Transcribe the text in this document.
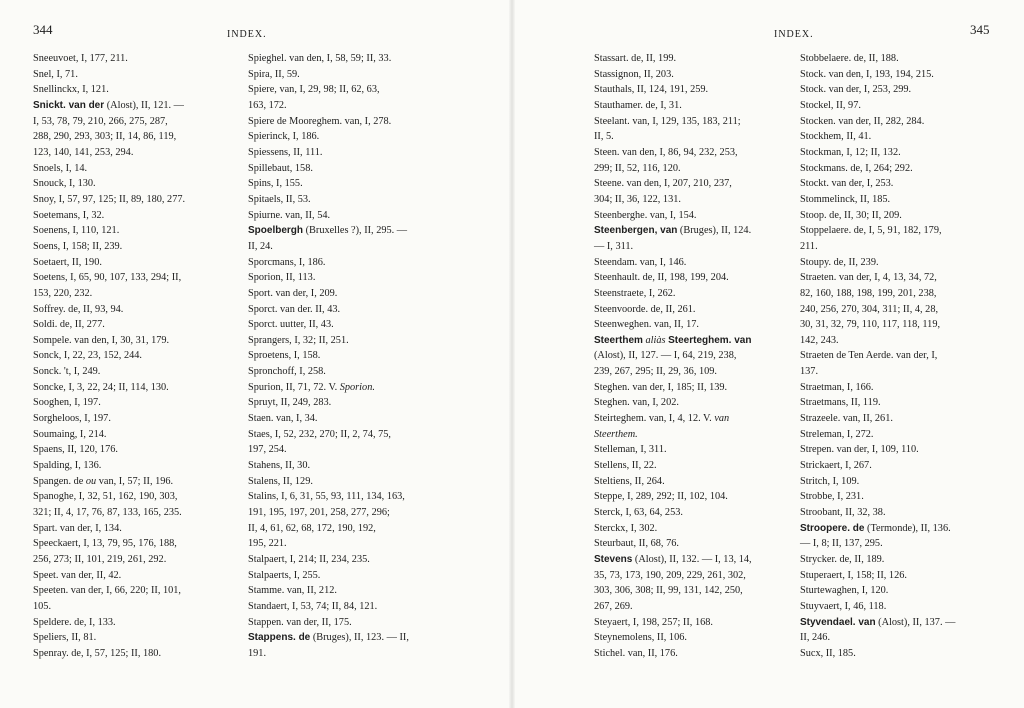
344	INDEX.
Sneeuvoet, I, 177, 211.
Snel, I, 71.
Snellinckx, I, 121.
Snickt. van der (Alost), II, 121. —
I, 53, 78, 79, 210, 266, 275, 287,
288, 290, 293, 303; II, 14, 86, 119,
123, 140, 141, 253, 294.
Snoels, I, 14.
Snouck, I, 130.
Snoy, I, 57, 97, 125; II, 89, 180, 277.
Soetemans, I, 32.
Soenens, I, 110, 121.
Soens, I, 158; II, 239.
Soetaert, II, 190.
Soetens, I, 65, 90, 107, 133, 294; II,
153, 220, 232.
Soffrey. de, II, 93, 94.
Soldi. de, II, 277.
Sompele. van den, I, 30, 31, 179.
Sonck, I, 22, 23, 152, 244.
Sonck. 't, I, 249.
Soncke, I, 3, 22, 24; II, 114, 130.
Sooghen, I, 197.
Sorgheloos, I, 197.
Soumaing, I, 214.
Spaens, II, 120, 176.
Spalding, I, 136.
Spangen. de ou van, I, 57; II, 196.
Spanoghe, I, 32, 51, 162, 190, 303,
321; II, 4, 17, 76, 87, 133, 165, 235.
Spart. van der, I, 134.
Speeckaert, I, 13, 79, 95, 176, 188,
256, 273; II, 101, 219, 261, 292.
Speet. van der, II, 42.
Speeten. van der, I, 66, 220; II, 101,
105.
Speldere. de, I, 133.
Speliers, II, 81.
Spenray. de, I, 57, 125; II, 180.
Spieghel. van den, I, 58, 59; II, 33.
Spira, II, 59.
Spiere, van, I, 29, 98; II, 62, 63,
163, 172.
Spiere de Mooreghem. van, I, 278.
Spierinck, I, 186.
Spiessens, II, 111.
Spillebaut, 158.
Spins, I, 155.
Spitaels, II, 53.
Spiurne. van, II, 54.
Spoelbergh (Bruxelles ?), II, 295. —
II, 24.
Sporcmans, I, 186.
Sporion, II, 113.
Sport. van der, I, 209.
Sporct. van der. II, 43.
Sporct. uutter, II, 43.
Sprangers, I, 32; II, 251.
Sproetens, I, 158.
Spronchoff, I, 258.
Spurion, II, 71, 72. V. Sporion.
Spruyt, II, 249, 283.
Staen. van, I, 34.
Staes, I, 52, 232, 270; II, 2, 74, 75,
197, 254.
Stahens, II, 30.
Stalens, II, 129.
Stalins, I, 6, 31, 55, 93, 111, 134, 163,
191, 195, 197, 201, 258, 277, 296;
II, 4, 61, 62, 68, 172, 190, 192,
195, 221.
Stalpaert, I, 214; II, 234, 235.
Stalpaerts, I, 255.
Stamme. van, II, 212.
Standaert, I, 53, 74; II, 84, 121.
Stappen. van der, II, 175.
Stappens. de (Bruges), II, 123. — II,
191.
345
INDEX.
Stassart. de, II, 199.
Stassignon, II, 203.
Stauthals, II, 124, 191, 259.
Stauthamer. de, I, 31.
Steelant. van, I, 129, 135, 183, 211;
II, 5.
Steen. van den, I, 86, 94, 232, 253,
299; II, 52, 116, 120.
Steene. van den, I, 207, 210, 237,
304; II, 36, 122, 131.
Steenberghe. van, I, 154.
Steenbergen, van (Bruges), II, 124.
— I, 311.
Steendam. van, I, 146.
Steenhault. de, II, 198, 199, 204.
Steenstraete, I, 262.
Steenvoorde. de, II, 261.
Steenweghen. van, II, 17.
Steerthem aliàs Steerteghem. van
(Alost), II, 127. — I, 64, 219, 238,
239, 267, 295; II, 29, 36, 109.
Steghen. van der, I, 185; II, 139.
Steghen. van, I, 202.
Steirteghem. van, I, 4, 12. V. van
Steerthem.
Stelleman, I, 311.
Stellens, II, 22.
Steltiens, II, 264.
Steppe, I, 289, 292; II, 102, 104.
Sterck, I, 63, 64, 253.
Sterckx, I, 302.
Steurbaut, II, 68, 76.
Stevens (Alost), II, 132. — I, 13, 14,
35, 73, 173, 190, 209, 229, 261, 302,
303, 306, 308; II, 99, 131, 142, 250,
267, 269.
Steyaert, I, 198, 257; II, 168.
Steynemolens, II, 106.
Stichel. van, II, 176.
Stobbelaere. de, II, 188.
Stock. van den, I, 193, 194, 215.
Stock. van der, I, 253, 299.
Stockel, II, 97.
Stocken. van der, II, 282, 284.
Stockhem, II, 41.
Stockman, I, 12; II, 132.
Stockmans. de, I, 264; 292.
Stockt. van der, I, 253.
Stommelinck, II, 185.
Stoop. de, II, 30; II, 209.
Stoppelaere. de, I, 5, 91, 182, 179,
211.
Stoupy. de, II, 239.
Straeten. van der, I, 4, 13, 34, 72,
82, 160, 188, 198, 199, 201, 238,
240, 256, 270, 304, 311; II, 4, 28,
30, 31, 32, 79, 110, 117, 118, 119,
142, 243.
Straeten de Ten Aerde. van der, I,
137.
Straetman, I, 166.
Straetmans, II, 119.
Strazeele. van, II, 261.
Streleman, I, 272.
Strepen. van der, I, 109, 110.
Strickaert, I, 267.
Stritch, I, 109.
Strobbe, I, 231.
Stroobant, II, 32, 38.
Stroopere. de (Termonde), II, 136.
— I, 8; II, 137, 295.
Strycker. de, II, 189.
Stuperaert, I, 158; II, 126.
Sturtewaghen, I, 120.
Stuyvaert, I, 46, 118.
Styvendael. van (Alost), II, 137. —
II, 246.
Sucx, II, 185.
